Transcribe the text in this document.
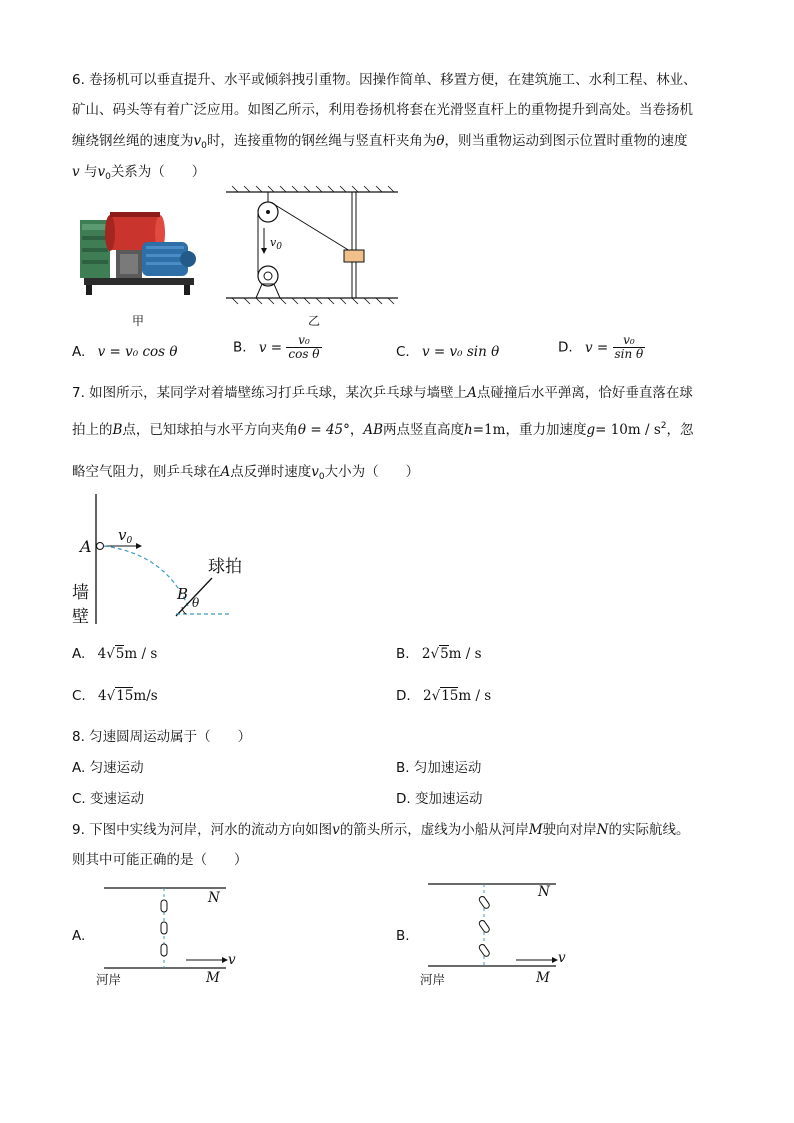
6. 卷扬机可以垂直提升、水平或倾斜拽引重物。因操作简单、移置方便，在建筑施工、水利工程、林业、
矿山、码头等有着广泛应用。如图乙所示，利用卷扬机将套在光滑竖直杆上的重物提升到高处。当卷扬机
缠绕钢丝绳的速度为$v_0$时，连接重物的钢丝绳与竖直杆夹角为θ，则当重物运动到图示位置时重物的速度
v 与$v_0$关系为（　　）
$v_0$
甲	乙
A. v = v₀ cos θ	B. $v = \frac{\text{v₀}}{\text{cos θ}}$	C. v = v₀ sin θ	D. $v = \frac{\text{v₀}}{\text{sin θ}}$
7. 如图所示，某同学对着墙壁练习打乒乓球，某次乒乓球与墙壁上A点碰撞后水平弹离，恰好垂直落在球
拍上的B点，已知球拍与水平方向夹角θ = 45°，AB两点竖直高度h=1m，重力加速度$g= 10m / s^2$，忽
略空气阻力，则乒乓球在A点反弹时速度$v_0$大小为（　　）
A
$v_0$
球拍
B θ
墙
壁
A. 4√5m / s	B. 2√5m / s
C. 4√15m/s	D. 2√15m / s
8. 匀速圆周运动属于（　　）
A. 匀速运动	B. 匀加速运动
C. 变速运动	D. 变加速运动
9. 下图中实线为河岸，河水的流动方向如图v的箭头所示，虚线为小船从河岸M驶向对岸N的实际航线。
则其中可能正确的是（　　）
A.
N
v
河岸	M
B.
N
v
河岸	M
